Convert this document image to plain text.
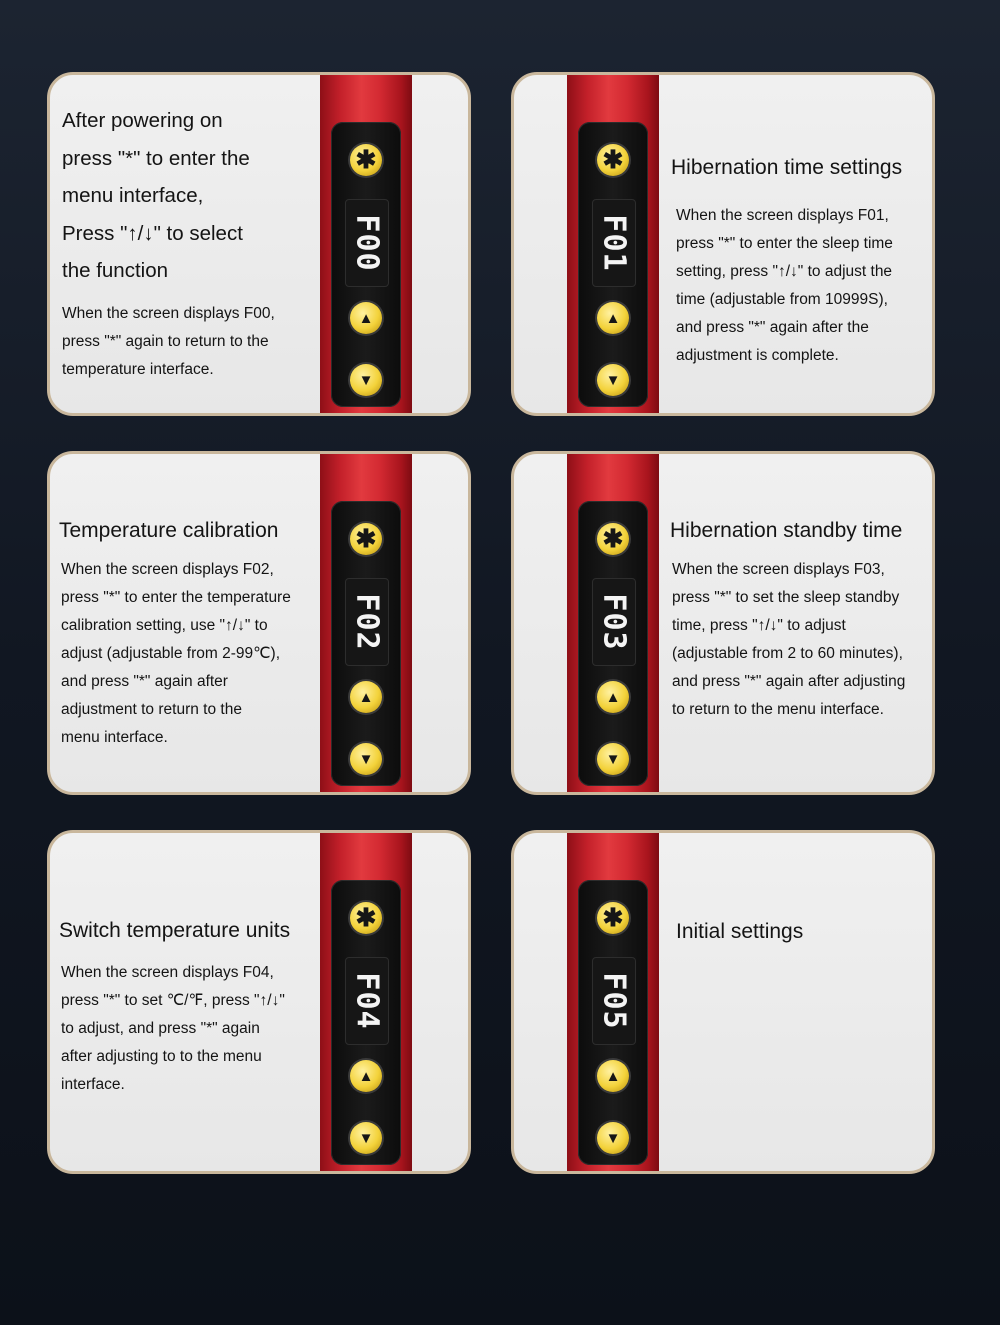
After powering on
press "*" to enter the
menu interface,
Press "↑/↓" to select
the function
When the screen displays F00,
press "*" again to return to the
temperature interface.
✱
F00
▲
▼
✱
F01
▲
▼
Hibernation time settings
When the screen displays F01,
press "*" to enter the sleep time
setting, press "↑/↓" to adjust the
time (adjustable from 10999S),
and press "*" again after the
adjustment is complete.
Temperature calibration
When the screen displays F02,
press "*" to enter the temperature
calibration setting, use "↑/↓" to
adjust (adjustable from 2-99℃),
and press "*" again after
adjustment to return to the
menu interface.
✱
F02
▲
▼
✱
F03
▲
▼
Hibernation standby time
When the screen displays F03,
press "*" to set the sleep standby
time, press "↑/↓" to adjust
(adjustable from 2 to 60 minutes),
and press "*" again after adjusting
to return to the menu interface.
Switch temperature units
When the screen displays F04,
press "*" to set ℃/℉, press "↑/↓"
to adjust, and press "*" again
after adjusting to to the menu
interface.
✱
F04
▲
▼
✱
F05
▲
▼
Initial settings
